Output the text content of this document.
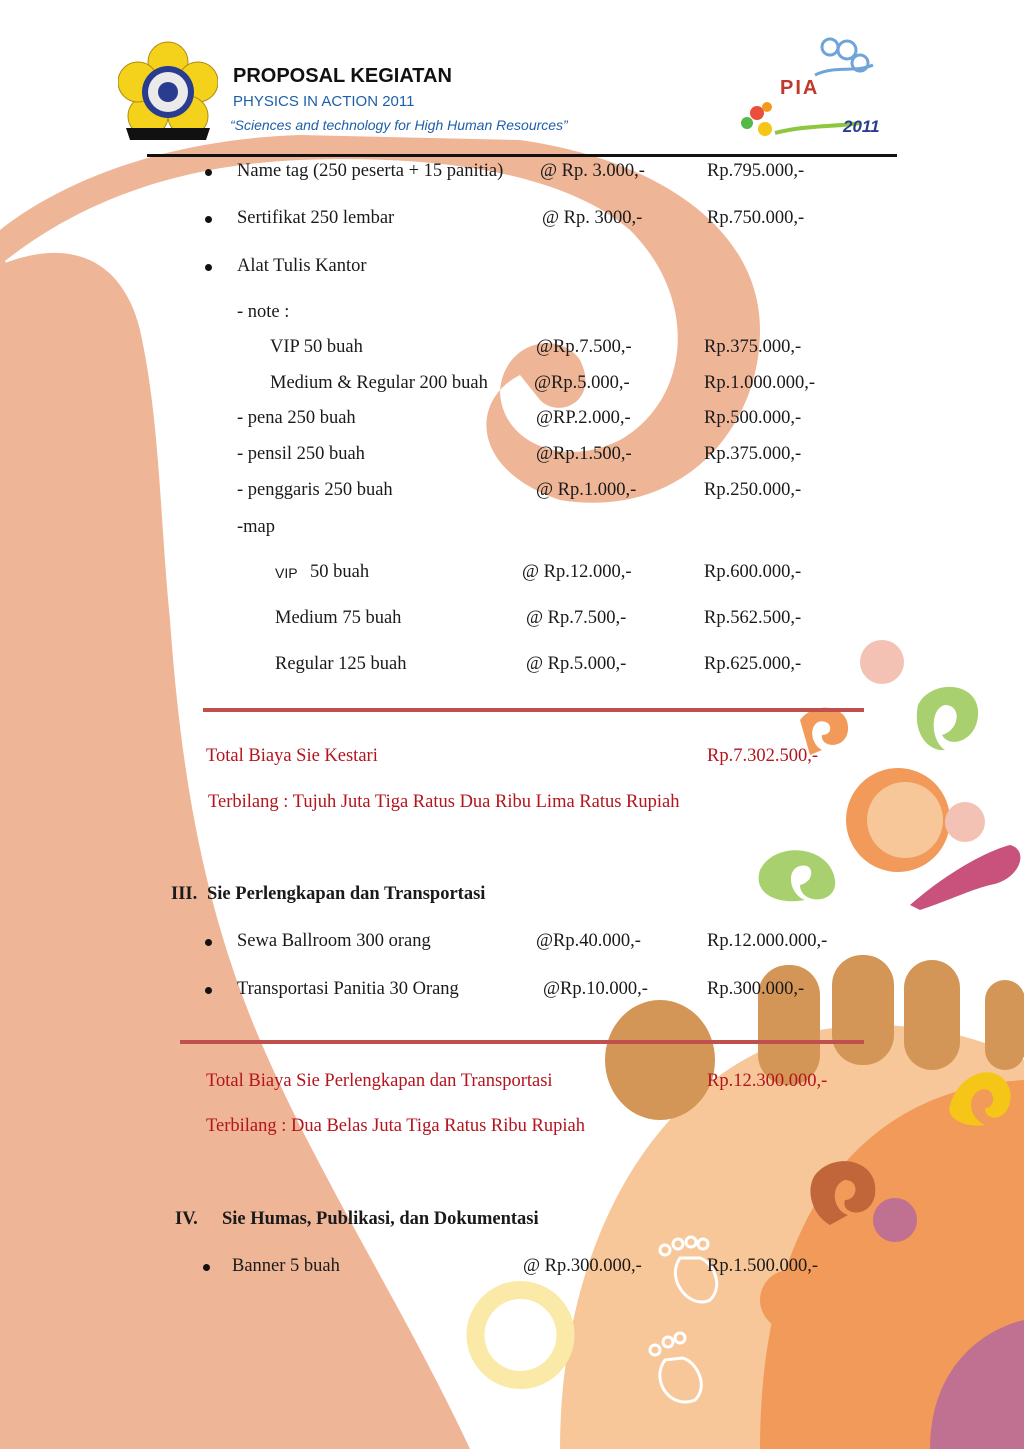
PROPOSAL KEGIATAN
PHYSICS IN ACTION 2011
“Sciences and technology for High Human Resources”
PIA
2011
Name tag (250 peserta + 15 panitia) @ Rp. 3.000,-	Rp.795.000,-
Sertifikat 250 lembar	@ Rp. 3000,-	Rp.750.000,-
Alat Tulis Kantor
- note :
VIP 50 buah	@Rp.7.500,-	Rp.375.000,-
Medium & Regular 200 buah @Rp.5.000,-	Rp.1.000.000,-
- pena 250 buah	@RP.2.000,-	Rp.500.000,-
- pensil 250 buah	@Rp.1.500,-	Rp.375.000,-
- penggaris 250 buah	@ Rp.1.000,-	Rp.250.000,-
-map
VIP 50 buah	@ Rp.12.000,-	Rp.600.000,-
Medium 75 buah	@ Rp.7.500,-	Rp.562.500,-
Regular 125 buah	@ Rp.5.000,-	Rp.625.000,-
Total Biaya Sie Kestari	Rp.7.302.500,-
Terbilang : Tujuh Juta Tiga Ratus Dua Ribu Lima Ratus Rupiah
III. Sie Perlengkapan dan Transportasi
Sewa Ballroom 300 orang	@Rp.40.000,-	Rp.12.000.000,-
Transportasi Panitia 30 Orang	@Rp.10.000,-	Rp.300.000,-
Total Biaya Sie Perlengkapan dan Transportasi	Rp.12.300.000,-
Terbilang : Dua Belas Juta Tiga Ratus Ribu Rupiah
IV. Sie Humas, Publikasi, dan Dokumentasi
Banner 5 buah	@ Rp.300.000,-	Rp.1.500.000,-
